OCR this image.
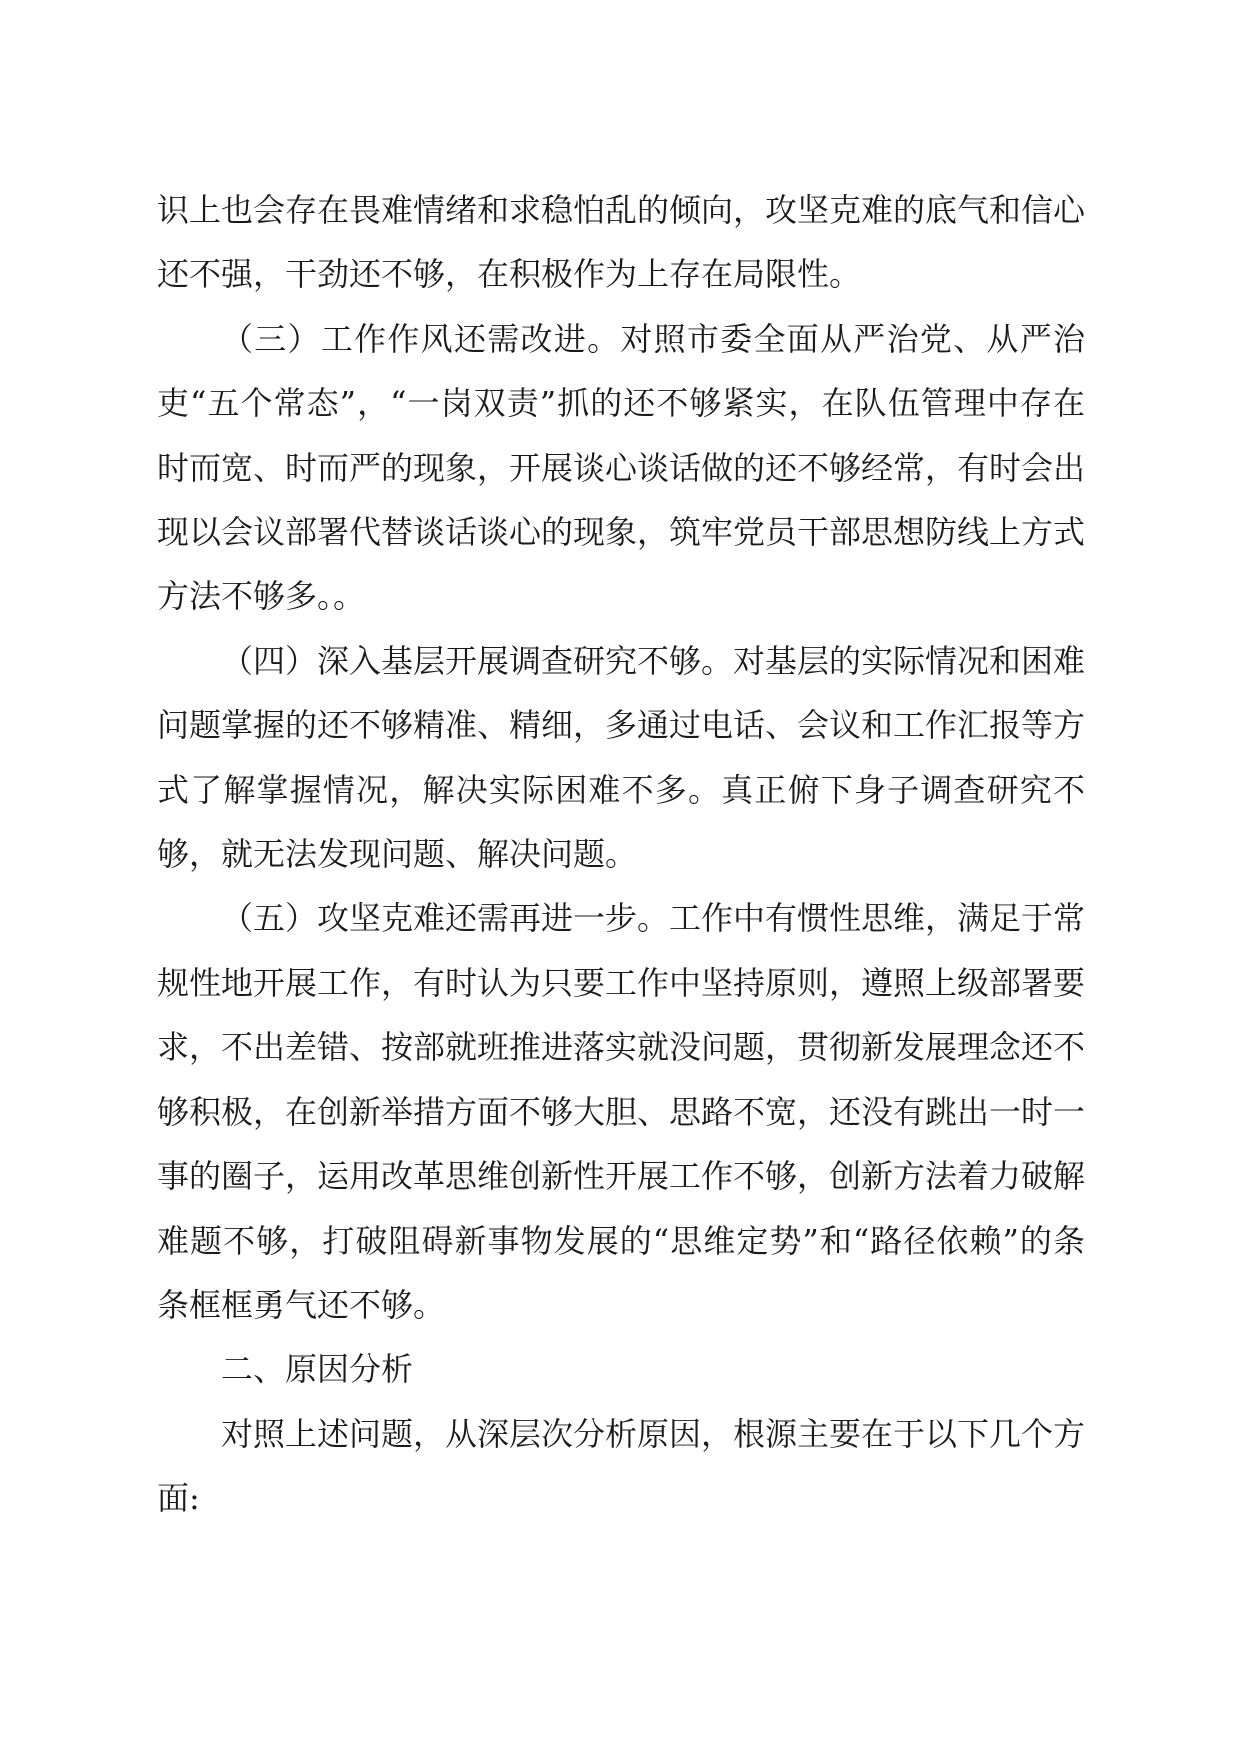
识上也会存在畏难情绪和求稳怕乱的倾向，攻坚克难的底气和信心还不强，干劲还不够，在积极作为上存在局限性。

（三）工作作风还需改进。对照市委全面从严治党、从严治吏“五个常态”，“一岗双责”抓的还不够紧实，在队伍管理中存在时而宽、时而严的现象，开展谈心谈话做的还不够经常，有时会出现以会议部署代替谈话谈心的现象，筑牢党员干部思想防线上方式方法不够多。。

（四）深入基层开展调查研究不够。对基层的实际情况和困难问题掌握的还不够精准、精细，多通过电话、会议和工作汇报等方式了解掌握情况，解决实际困难不多。真正俯下身子调查研究不够，就无法发现问题、解决问题。

（五）攻坚克难还需再进一步。工作中有惯性思维，满足于常规性地开展工作，有时认为只要工作中坚持原则，遵照上级部署要求，不出差错、按部就班推进落实就没问题，贯彻新发展理念还不够积极，在创新举措方面不够大胆、思路不宽，还没有跳出一时一事的圈子，运用改革思维创新性开展工作不够，创新方法着力破解难题不够，打破阻碍新事物发展的“思维定势”和“路径依赖”的条条框框勇气还不够。

二、原因分析

对照上述问题，从深层次分析原因，根源主要在于以下几个方面:
